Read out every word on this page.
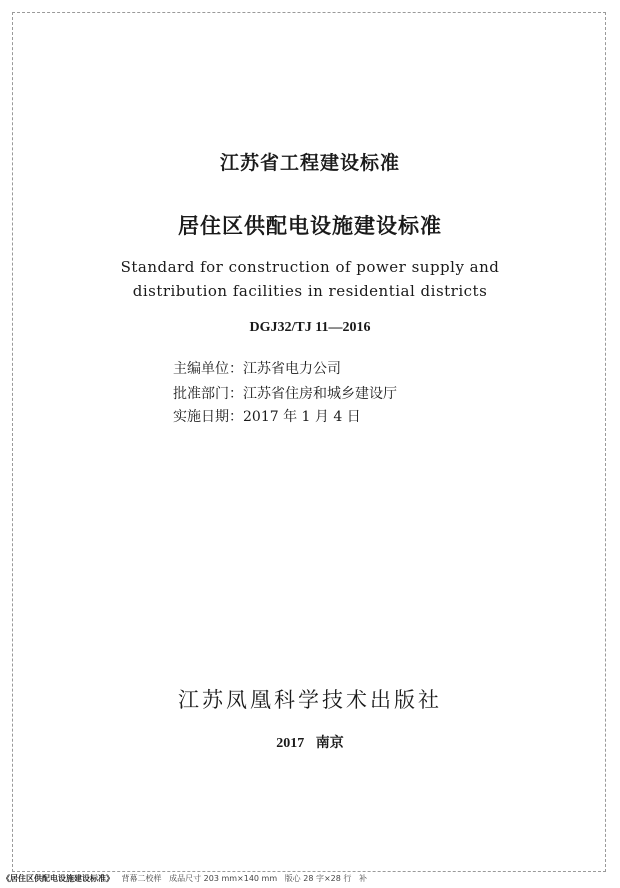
江苏省工程建设标准
居住区供配电设施建设标准
Standard for construction of power supply and
distribution facilities in residential districts
DGJ32/TJ 11—2016
主编单位：江苏省电力公司
批准部门：江苏省住房和城乡建设厅
实施日期：2017 年 1 月 4 日
江苏凤凰科学技术出版社
2017 南京
《居住区供配电设施建设标准》 背幕二校样 成品尺寸 203 mm×140 mm 版心 28 字×28 行 补
